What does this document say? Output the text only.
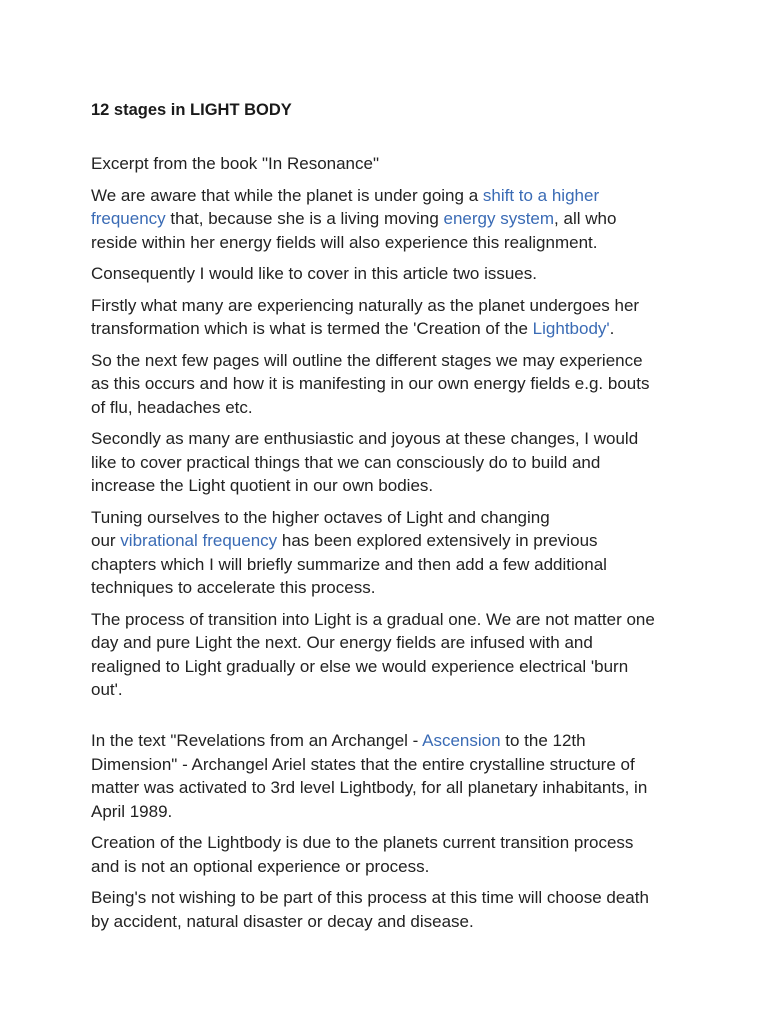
12 stages in LIGHT BODY

Excerpt from the book "In Resonance"

We are aware that while the planet is under going a shift to a higher
frequency that, because she is a living moving energy system, all who
reside within her energy fields will also experience this realignment.

Consequently I would like to cover in this article two issues.

Firstly what many are experiencing naturally as the planet undergoes her
transformation which is what is termed the 'Creation of the Lightbody'.

So the next few pages will outline the different stages we may experience
as this occurs and how it is manifesting in our own energy fields e.g. bouts
of flu, headaches etc.

Secondly as many are enthusiastic and joyous at these changes, I would
like to cover practical things that we can consciously do to build and
increase the Light quotient in our own bodies.

Tuning ourselves to the higher octaves of Light and changing
our vibrational frequency has been explored extensively in previous
chapters which I will briefly summarize and then add a few additional
techniques to accelerate this process.

The process of transition into Light is a gradual one. We are not matter one
day and pure Light the next. Our energy fields are infused with and
realigned to Light gradually or else we would experience electrical 'burn
out'.

In the text "Revelations from an Archangel - Ascension to the 12th
Dimension" - Archangel Ariel states that the entire crystalline structure of
matter was activated to 3rd level Lightbody, for all planetary inhabitants, in
April 1989.

Creation of the Lightbody is due to the planets current transition process
and is not an optional experience or process.

Being's not wishing to be part of this process at this time will choose death
by accident, natural disaster or decay and disease.
